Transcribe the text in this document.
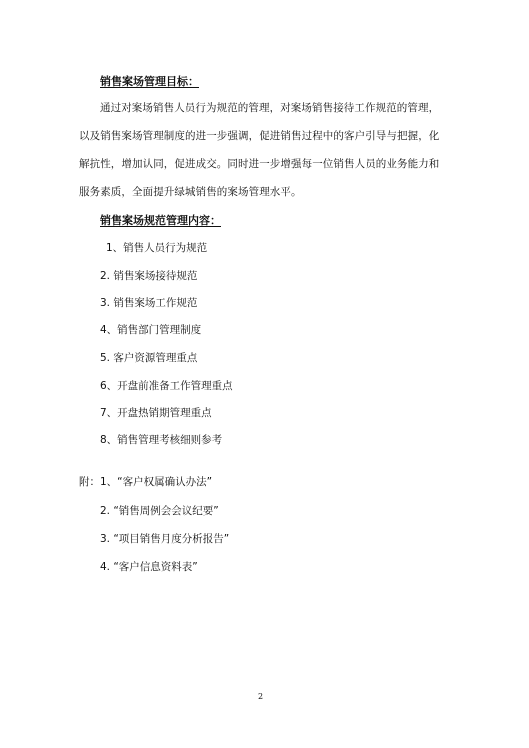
销售案场管理目标：
通过对案场销售人员行为规范的管理，对案场销售接待工作规范的管理，
以及销售案场管理制度的进一步强调，促进销售过程中的客户引导与把握，化
解抗性，增加认同，促进成交。同时进一步增强每一位销售人员的业务能力和
服务素质，全面提升绿城销售的案场管理水平。
销售案场规范管理内容：
1、销售人员行为规范
2. 销售案场接待规范
3. 销售案场工作规范
4、销售部门管理制度
5. 客户资源管理重点
6、开盘前准备工作管理重点
7、开盘热销期管理重点
8、销售管理考核细则参考
附：1、“客户权属确认办法”
2. “销售周例会会议纪要”
3. “项目销售月度分析报告”
4. “客户信息资料表”
2
